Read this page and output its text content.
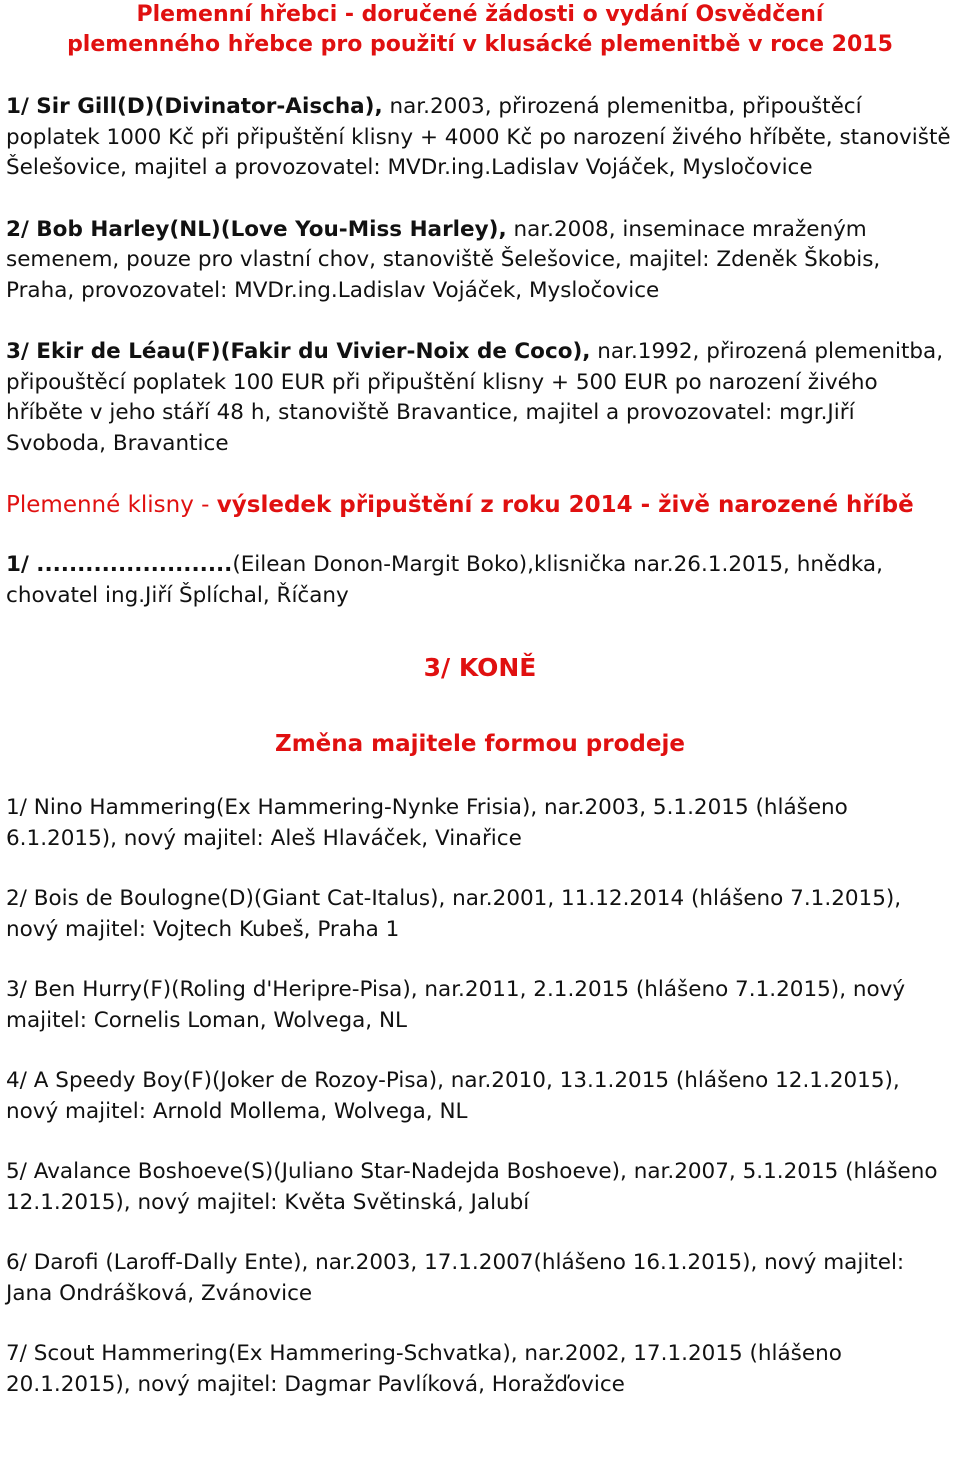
Plemenní hřebci - doručené žádosti o vydání Osvědčení

plemenného hřebce pro použití v klusácké plemenitbě v roce 2015

1/ Sir Gill(D)(Divinator-Aischa), nar.2003, přirozená plemenitba, připouštěcí poplatek 1000 Kč při připuštění klisny + 4000 Kč po narození živého hříběte, stanoviště Šelešovice, majitel a provozovatel: MVDr.ing.Ladislav Vojáček, Mysločovice

2/ Bob Harley(NL)(Love You-Miss Harley), nar.2008, inseminace mraženým semenem, pouze pro vlastní chov, stanoviště Šelešovice, majitel: Zdeněk Škobis, Praha, provozovatel: MVDr.ing.Ladislav Vojáček, Mysločovice

3/ Ekir de Léau(F)(Fakir du Vivier-Noix de Coco), nar.1992, přirozená plemenitba, připouštěcí poplatek 100 EUR při připuštění klisny + 500 EUR po narození živého hříběte v jeho stáří 48 h, stanoviště Bravantice, majitel a provozovatel: mgr.Jiří Svoboda, Bravantice

Plemenné klisny - výsledek připuštění z roku 2014 - živě narozené hříbě

1/ ........................(Eilean Donon-Margit Boko),klisnička nar.26.1.2015, hnědka, chovatel ing.Jiří Šplíchal, Říčany

3/ KONĚ

Změna majitele formou prodeje

1/ Nino Hammering(Ex Hammering-Nynke Frisia), nar.2003, 5.1.2015 (hlášeno 6.1.2015), nový majitel: Aleš Hlaváček, Vinařice

2/ Bois de Boulogne(D)(Giant Cat-Italus), nar.2001, 11.12.2014 (hlášeno 7.1.2015), nový majitel: Vojtech Kubeš, Praha 1

3/ Ben Hurry(F)(Roling d'Heripre-Pisa), nar.2011, 2.1.2015 (hlášeno 7.1.2015), nový majitel: Cornelis Loman, Wolvega, NL

4/ A Speedy Boy(F)(Joker de Rozoy-Pisa), nar.2010, 13.1.2015 (hlášeno 12.1.2015), nový majitel: Arnold Mollema, Wolvega, NL

5/ Avalance Boshoeve(S)(Juliano Star-Nadejda Boshoeve), nar.2007, 5.1.2015 (hlášeno 12.1.2015), nový majitel: Květa Světinská, Jalubí

6/ Darofi (Laroff-Dally Ente), nar.2003, 17.1.2007(hlášeno 16.1.2015), nový majitel: Jana Ondrášková, Zvánovice

7/ Scout Hammering(Ex Hammering-Schvatka), nar.2002, 17.1.2015 (hlášeno 20.1.2015), nový majitel: Dagmar Pavlíková, Horažďovice
